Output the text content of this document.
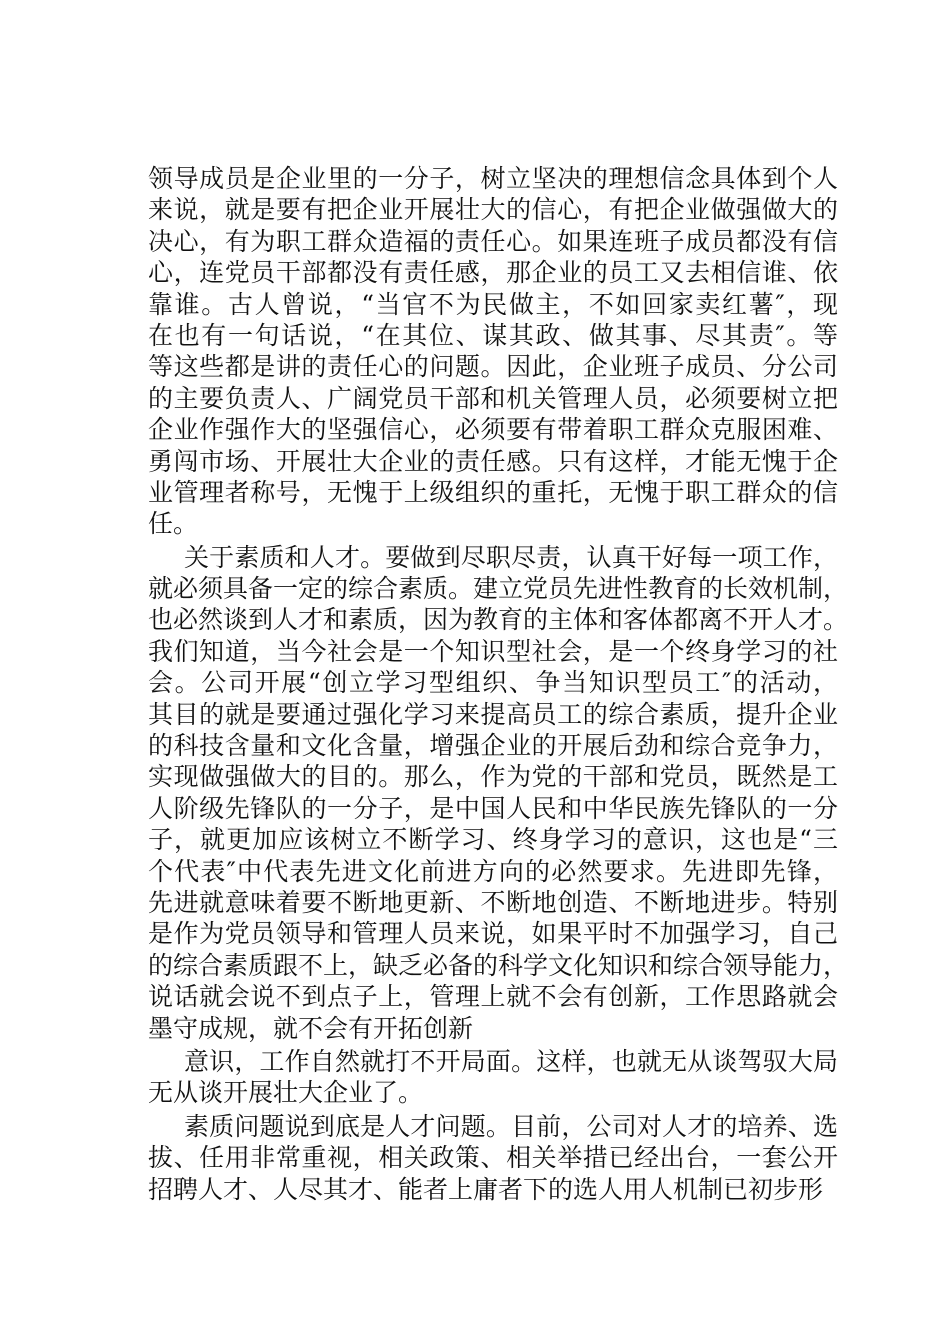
领导成员是企业里的一分子，树立坚决的理想信念具体到个人
来说，就是要有把企业开展壮大的信心，有把企业做强做大的
决心，有为职工群众造福的责任心。如果连班子成员都没有信
心，连党员干部都没有责任感，那企业的员工又去相信谁、依
靠谁。古人曾说，“当官不为民做主，不如回家卖红薯″，现
在也有一句话说，“在其位、谋其政、做其事、尽其责″。等
等这些都是讲的责任心的问题。因此，企业班子成员、分公司
的主要负责人、广阔党员干部和机关管理人员，必须要树立把
企业作强作大的坚强信心，必须要有带着职工群众克服困难、
勇闯市场、开展壮大企业的责任感。只有这样，才能无愧于企
业管理者称号，无愧于上级组织的重托，无愧于职工群众的信
任。
关于素质和人才。要做到尽职尽责，认真干好每一项工作，
就必须具备一定的综合素质。建立党员先进性教育的长效机制，
也必然谈到人才和素质，因为教育的主体和客体都离不开人才。
我们知道，当今社会是一个知识型社会，是一个终身学习的社
会。公司开展“创立学习型组织、争当知识型员工″的活动，
其目的就是要通过强化学习来提高员工的综合素质，提升企业
的科技含量和文化含量，增强企业的开展后劲和综合竞争力，
实现做强做大的目的。那么，作为党的干部和党员，既然是工
人阶级先锋队的一分子，是中国人民和中华民族先锋队的一分
子，就更加应该树立不断学习、终身学习的意识，这也是“三
个代表″中代表先进文化前进方向的必然要求。先进即先锋，
先进就意味着要不断地更新、不断地创造、不断地进步。特别
是作为党员领导和管理人员来说，如果平时不加强学习，自己
的综合素质跟不上，缺乏必备的科学文化知识和综合领导能力，
说话就会说不到点子上，管理上就不会有创新，工作思路就会
墨守成规，就不会有开拓创新
意识，工作自然就打不开局面。这样，也就无从谈驾驭大局
无从谈开展壮大企业了。
素质问题说到底是人才问题。目前，公司对人才的培养、选
拔、任用非常重视，相关政策、相关举措已经出台，一套公开
招聘人才、人尽其才、能者上庸者下的选人用人机制已初步形
